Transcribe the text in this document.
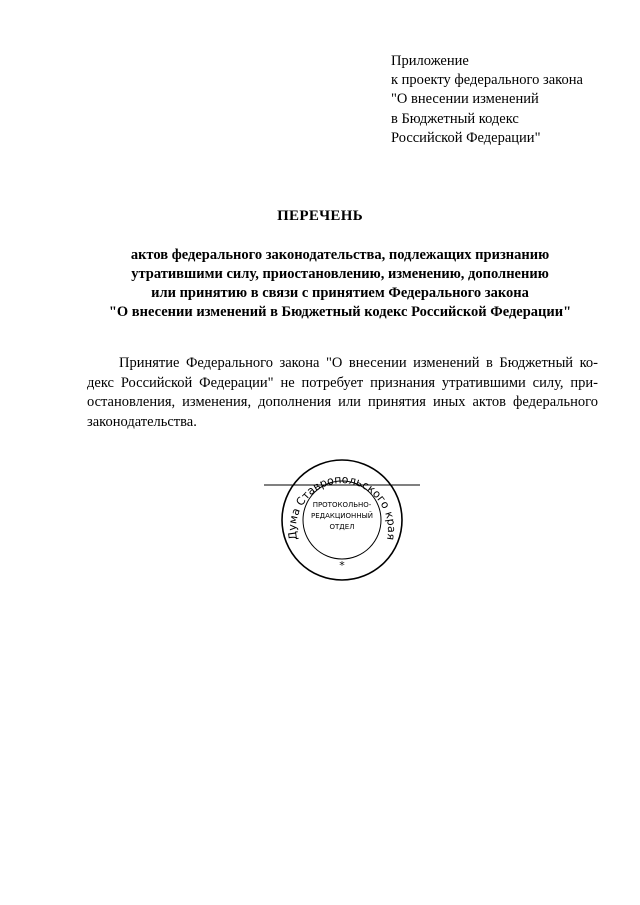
Приложение
к проекту федерального закона
"О внесении изменений
в Бюджетный кодекс
Российской Федерации"
ПЕРЕЧЕНЬ
актов федерального законодательства, подлежащих признанию
утратившими силу, приостановлению, изменению, дополнению
или принятию в связи с принятием Федерального закона
"О внесении изменений в Бюджетный кодекс Российской Федерации"
Принятие Федерального закона "О внесении изменений в Бюджетный ко-
декс Российской Федерации" не потребует признания утратившими силу, при-
остановления, изменения, дополнения или принятия иных актов федерального
законодательства.
Дума Ставропольского края
ПРОТОКОЛЬНО-
РЕДАКЦИОННЫЙ
ОТДЕЛ
*
